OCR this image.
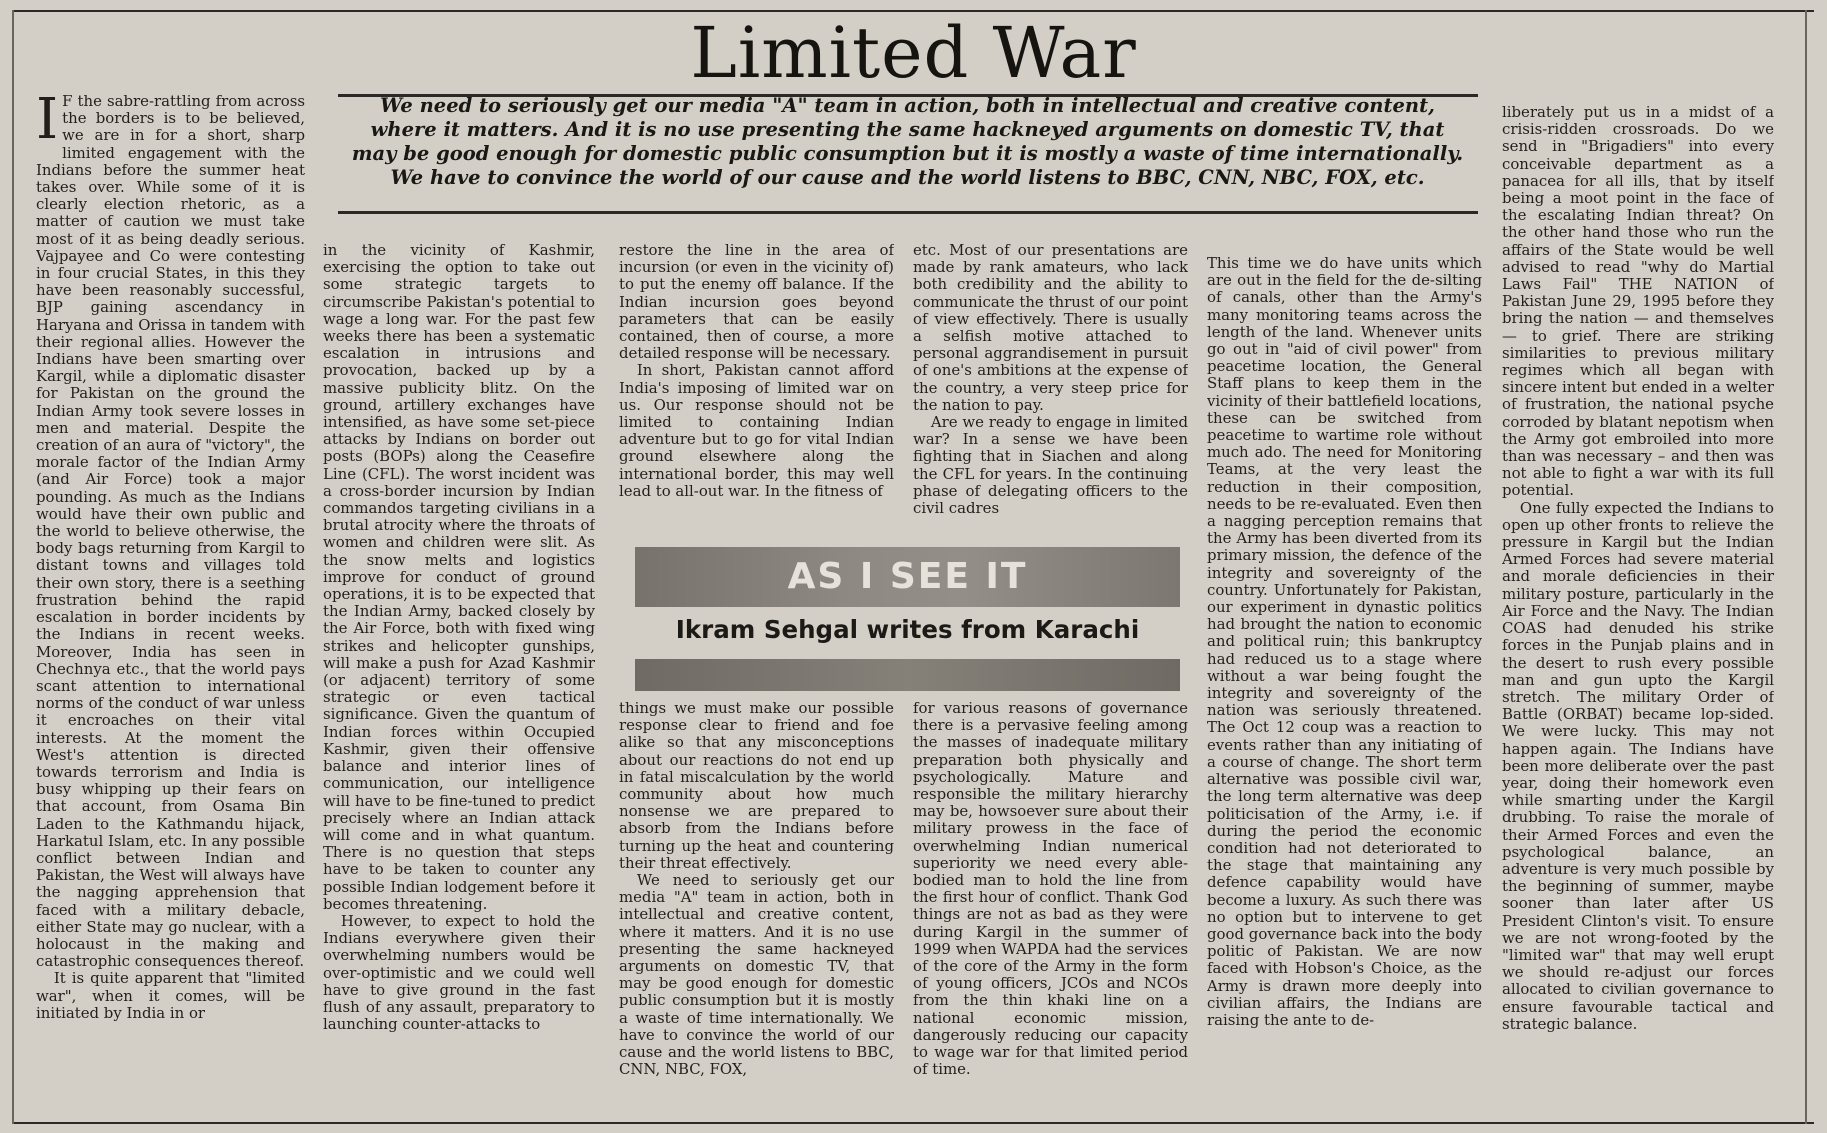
Limited War
We need to seriously get our media "A" team in action, both in intellectual and creative content, where it matters. And it is no use presenting the same hackneyed arguments on domestic TV, that may be good enough for domestic public consumption but it is mostly a waste of time internationally. We have to convince the world of our cause and the world listens to BBC, CNN, NBC, FOX, etc.

I F the sabre-rattling from across the borders is to be believed, we are in for a short, sharp limited engagement with the Indians before the summer heat takes over. While some of it is clearly election rhetoric, as a matter of caution we must take most of it as being deadly serious. Vajpayee and Co were contesting in four crucial States, in this they have been reasonably successful, BJP gaining ascendancy in Haryana and Orissa in tandem with their regional allies. However the Indians have been smarting over Kargil, while a diplomatic disaster for Pakistan on the ground the Indian Army took severe losses in men and material. Despite the creation of an aura of "victory", the morale factor of the Indian Army (and Air Force) took a major pounding. As much as the Indians would have their own public and the world to believe otherwise, the body bags returning from Kargil to distant towns and villages told their own story, there is a seething frustration behind the rapid escalation in border incidents by the Indians in recent weeks. Moreover, India has seen in Chechnya etc., that the world pays scant attention to international norms of the conduct of war unless it encroaches on their vital interests. At the moment the West's attention is directed towards terrorism and India is busy whipping up their fears on that account, from Osama Bin Laden to the Kathmandu hijack, Harkatul Islam, etc. In any possible conflict between Indian and Pakistan, the West will always have the nagging apprehension that faced with a military debacle, either State may go nuclear, with a holocaust in the making and catastrophic consequences thereof.

It is quite apparent that "limited war", when it comes, will be initiated by India in or

in the vicinity of Kashmir, exercising the option to take out some strategic targets to circumscribe Pakistan's potential to wage a long war. For the past few weeks there has been a systematic escalation in intrusions and provocation, backed up by a massive publicity blitz. On the ground, artillery exchanges have intensified, as have some set-piece attacks by Indians on border out posts (BOPs) along the Ceasefire Line (CFL). The worst incident was a cross-border incursion by Indian commandos targeting civilians in a brutal atrocity where the throats of women and children were slit. As the snow melts and logistics improve for conduct of ground operations, it is to be expected that the Indian Army, backed closely by the Air Force, both with fixed wing strikes and helicopter gunships, will make a push for Azad Kashmir (or adjacent) territory of some strategic or even tactical significance. Given the quantum of Indian forces within Occupied Kashmir, given their offensive balance and interior lines of communication, our intelligence will have to be fine-tuned to predict precisely where an Indian attack will come and in what quantum. There is no question that steps have to be taken to counter any possible Indian lodgement before it becomes threatening.

However, to expect to hold the Indians everywhere given their overwhelming numbers would be over-optimistic and we could well have to give ground in the fast flush of any assault, preparatory to launching counter-attacks to

restore the line in the area of incursion (or even in the vicinity of) to put the enemy off balance. If the Indian incursion goes beyond parameters that can be easily contained, then of course, a more detailed response will be necessary.

In short, Pakistan cannot afford India's imposing of limited war on us. Our response should not be limited to containing Indian adventure but to go for vital Indian ground elsewhere along the international border, this may well lead to all-out war. In the fitness of

etc. Most of our presentations are made by rank amateurs, who lack both credibility and the ability to communicate the thrust of our point of view effectively. There is usually a selfish motive attached to personal aggrandisement in pursuit of one's ambitions at the expense of the country, a very steep price for the nation to pay.

Are we ready to engage in limited war? In a sense we have been fighting that in Siachen and along the CFL for years. In the continuing phase of delegating officers to the civil cadres

AS I SEE IT
Ikram Sehgal writes from Karachi

things we must make our possible response clear to friend and foe alike so that any misconceptions about our reactions do not end up in fatal miscalculation by the world community about how much nonsense we are prepared to absorb from the Indians before turning up the heat and countering their threat effectively.

We need to seriously get our media "A" team in action, both in intellectual and creative content, where it matters. And it is no use presenting the same hackneyed arguments on domestic TV, that may be good enough for domestic public consumption but it is mostly a waste of time internationally. We have to convince the world of our cause and the world listens to BBC, CNN, NBC, FOX,

for various reasons of governance there is a pervasive feeling among the masses of inadequate military preparation both physically and psychologically. Mature and responsible the military hierarchy may be, howsoever sure about their military prowess in the face of overwhelming Indian numerical superiority we need every able-bodied man to hold the line from the first hour of conflict. Thank God things are not as bad as they were during Kargil in the summer of 1999 when WAPDA had the services of the core of the Army in the form of young officers, JCOs and NCOs from the thin khaki line on a national economic mission, dangerously reducing our capacity to wage war for that limited period of time.

This time we do have units which are out in the field for the de-silting of canals, other than the Army's many monitoring teams across the length of the land. Whenever units go out in "aid of civil power" from peacetime location, the General Staff plans to keep them in the vicinity of their battlefield locations, these can be switched from peacetime to wartime role without much ado. The need for Monitoring Teams, at the very least the reduction in their composition, needs to be re-evaluated. Even then a nagging perception remains that the Army has been diverted from its primary mission, the defence of the integrity and sovereignty of the country. Unfortunately for Pakistan, our experiment in dynastic politics had brought the nation to economic and political ruin; this bankruptcy had reduced us to a stage where without a war being fought the integrity and sovereignty of the nation was seriously threatened. The Oct 12 coup was a reaction to events rather than any initiating of a course of change. The short term alternative was possible civil war, the long term alternative was deep politicisation of the Army, i.e. if during the period the economic condition had not deteriorated to the stage that maintaining any defence capability would have become a luxury. As such there was no option but to intervene to get good governance back into the body politic of Pakistan. We are now faced with Hobson's Choice, as the Army is drawn more deeply into civilian affairs, the Indians are raising the ante to de-

liberately put us in a midst of a crisis-ridden crossroads. Do we send in "Brigadiers" into every conceivable department as a panacea for all ills, that by itself being a moot point in the face of the escalating Indian threat? On the other hand those who run the affairs of the State would be well advised to read "why do Martial Laws Fail" THE NATION of Pakistan June 29, 1995 before they bring the nation — and themselves — to grief. There are striking similarities to previous military regimes which all began with sincere intent but ended in a welter of frustration, the national psyche corroded by blatant nepotism when the Army got embroiled into more than was necessary – and then was not able to fight a war with its full potential.

One fully expected the Indians to open up other fronts to relieve the pressure in Kargil but the Indian Armed Forces had severe material and morale deficiencies in their military posture, particularly in the Air Force and the Navy. The Indian COAS had denuded his strike forces in the Punjab plains and in the desert to rush every possible man and gun upto the Kargil stretch. The military Order of Battle (ORBAT) became lop-sided. We were lucky. This may not happen again. The Indians have been more deliberate over the past year, doing their homework even while smarting under the Kargil drubbing. To raise the morale of their Armed Forces and even the psychological balance, an adventure is very much possible by the beginning of summer, maybe sooner than later after US President Clinton's visit. To ensure we are not wrong-footed by the "limited war" that may well erupt we should re-adjust our forces allocated to civilian governance to ensure favourable tactical and strategic balance.
